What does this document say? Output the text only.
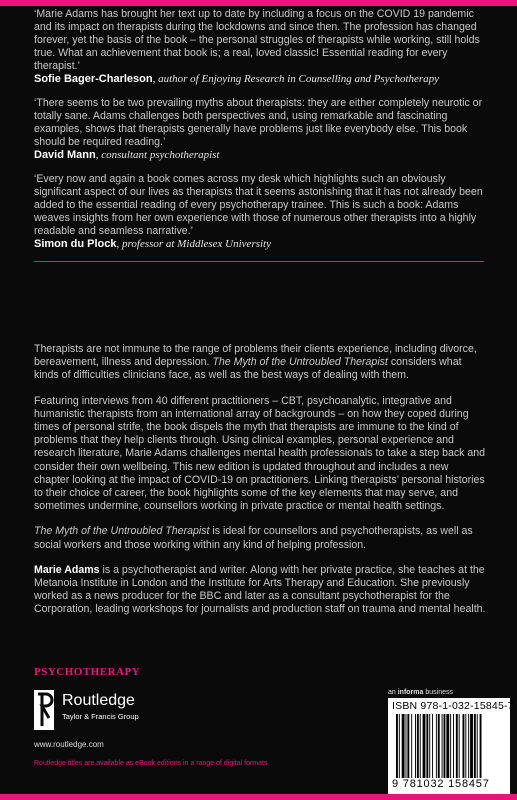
‘Marie Adams has brought her text up to date by including a focus on the COVID 19 pandemic and its impact on therapists during the lockdowns and since then. The profession has changed forever, yet the basis of the book – the personal struggles of therapists while working, still holds true. What an achievement that book is; a real, loved classic! Essential reading for every therapist.’

Sofie Bager-Charleson, author of Enjoying Research in Counselling and Psychotherapy

‘There seems to be two prevailing myths about therapists: they are either completely neurotic or totally sane. Adams challenges both perspectives and, using remarkable and fascinating examples, shows that therapists generally have problems just like everybody else. This book should be required reading.’

David Mann, consultant psychotherapist

‘Every now and again a book comes across my desk which highlights such an obviously significant aspect of our lives as therapists that it seems astonishing that it has not already been added to the essential reading of every psychotherapy trainee. This is such a book: Adams weaves insights from her own experience with those of numerous other therapists into a highly readable and seamless narrative.’

Simon du Plock, professor at Middlesex University

Therapists are not immune to the range of problems their clients experience, including divorce, bereavement, illness and depression. The Myth of the Untroubled Therapist considers what kinds of difficulties clinicians face, as well as the best ways of dealing with them.

Featuring interviews from 40 different practitioners – CBT, psychoanalytic, integrative and humanistic therapists from an international array of backgrounds – on how they coped during times of personal strife, the book dispels the myth that therapists are immune to the kind of problems that they help clients through. Using clinical examples, personal experience and research literature, Marie Adams challenges mental health professionals to take a step back and consider their own wellbeing. This new edition is updated throughout and includes a new chapter looking at the impact of COVID-19 on practitioners. Linking therapists’ personal histories to their choice of career, the book highlights some of the key elements that may serve, and sometimes undermine, counsellors working in private practice or mental health settings.

The Myth of the Untroubled Therapist is ideal for counsellors and psychotherapists, as well as social workers and those working within any kind of helping profession.

Marie Adams is a psychotherapist and writer. Along with her private practice, she teaches at the Metanoia Institute in London and the Institute for Arts Therapy and Education. She previously worked as a news producer for the BBC and later as a consultant psychotherapist for the Corporation, leading workshops for journalists and production staff on trauma and mental health.

PSYCHOTHERAPY
Routledge
Taylor & Francis Group
an informa business
ISBN 978-1-032-15845-7
9 781032 158457
www.routledge.com
Routledge titles are available as eBook editions in a range of digital formats
